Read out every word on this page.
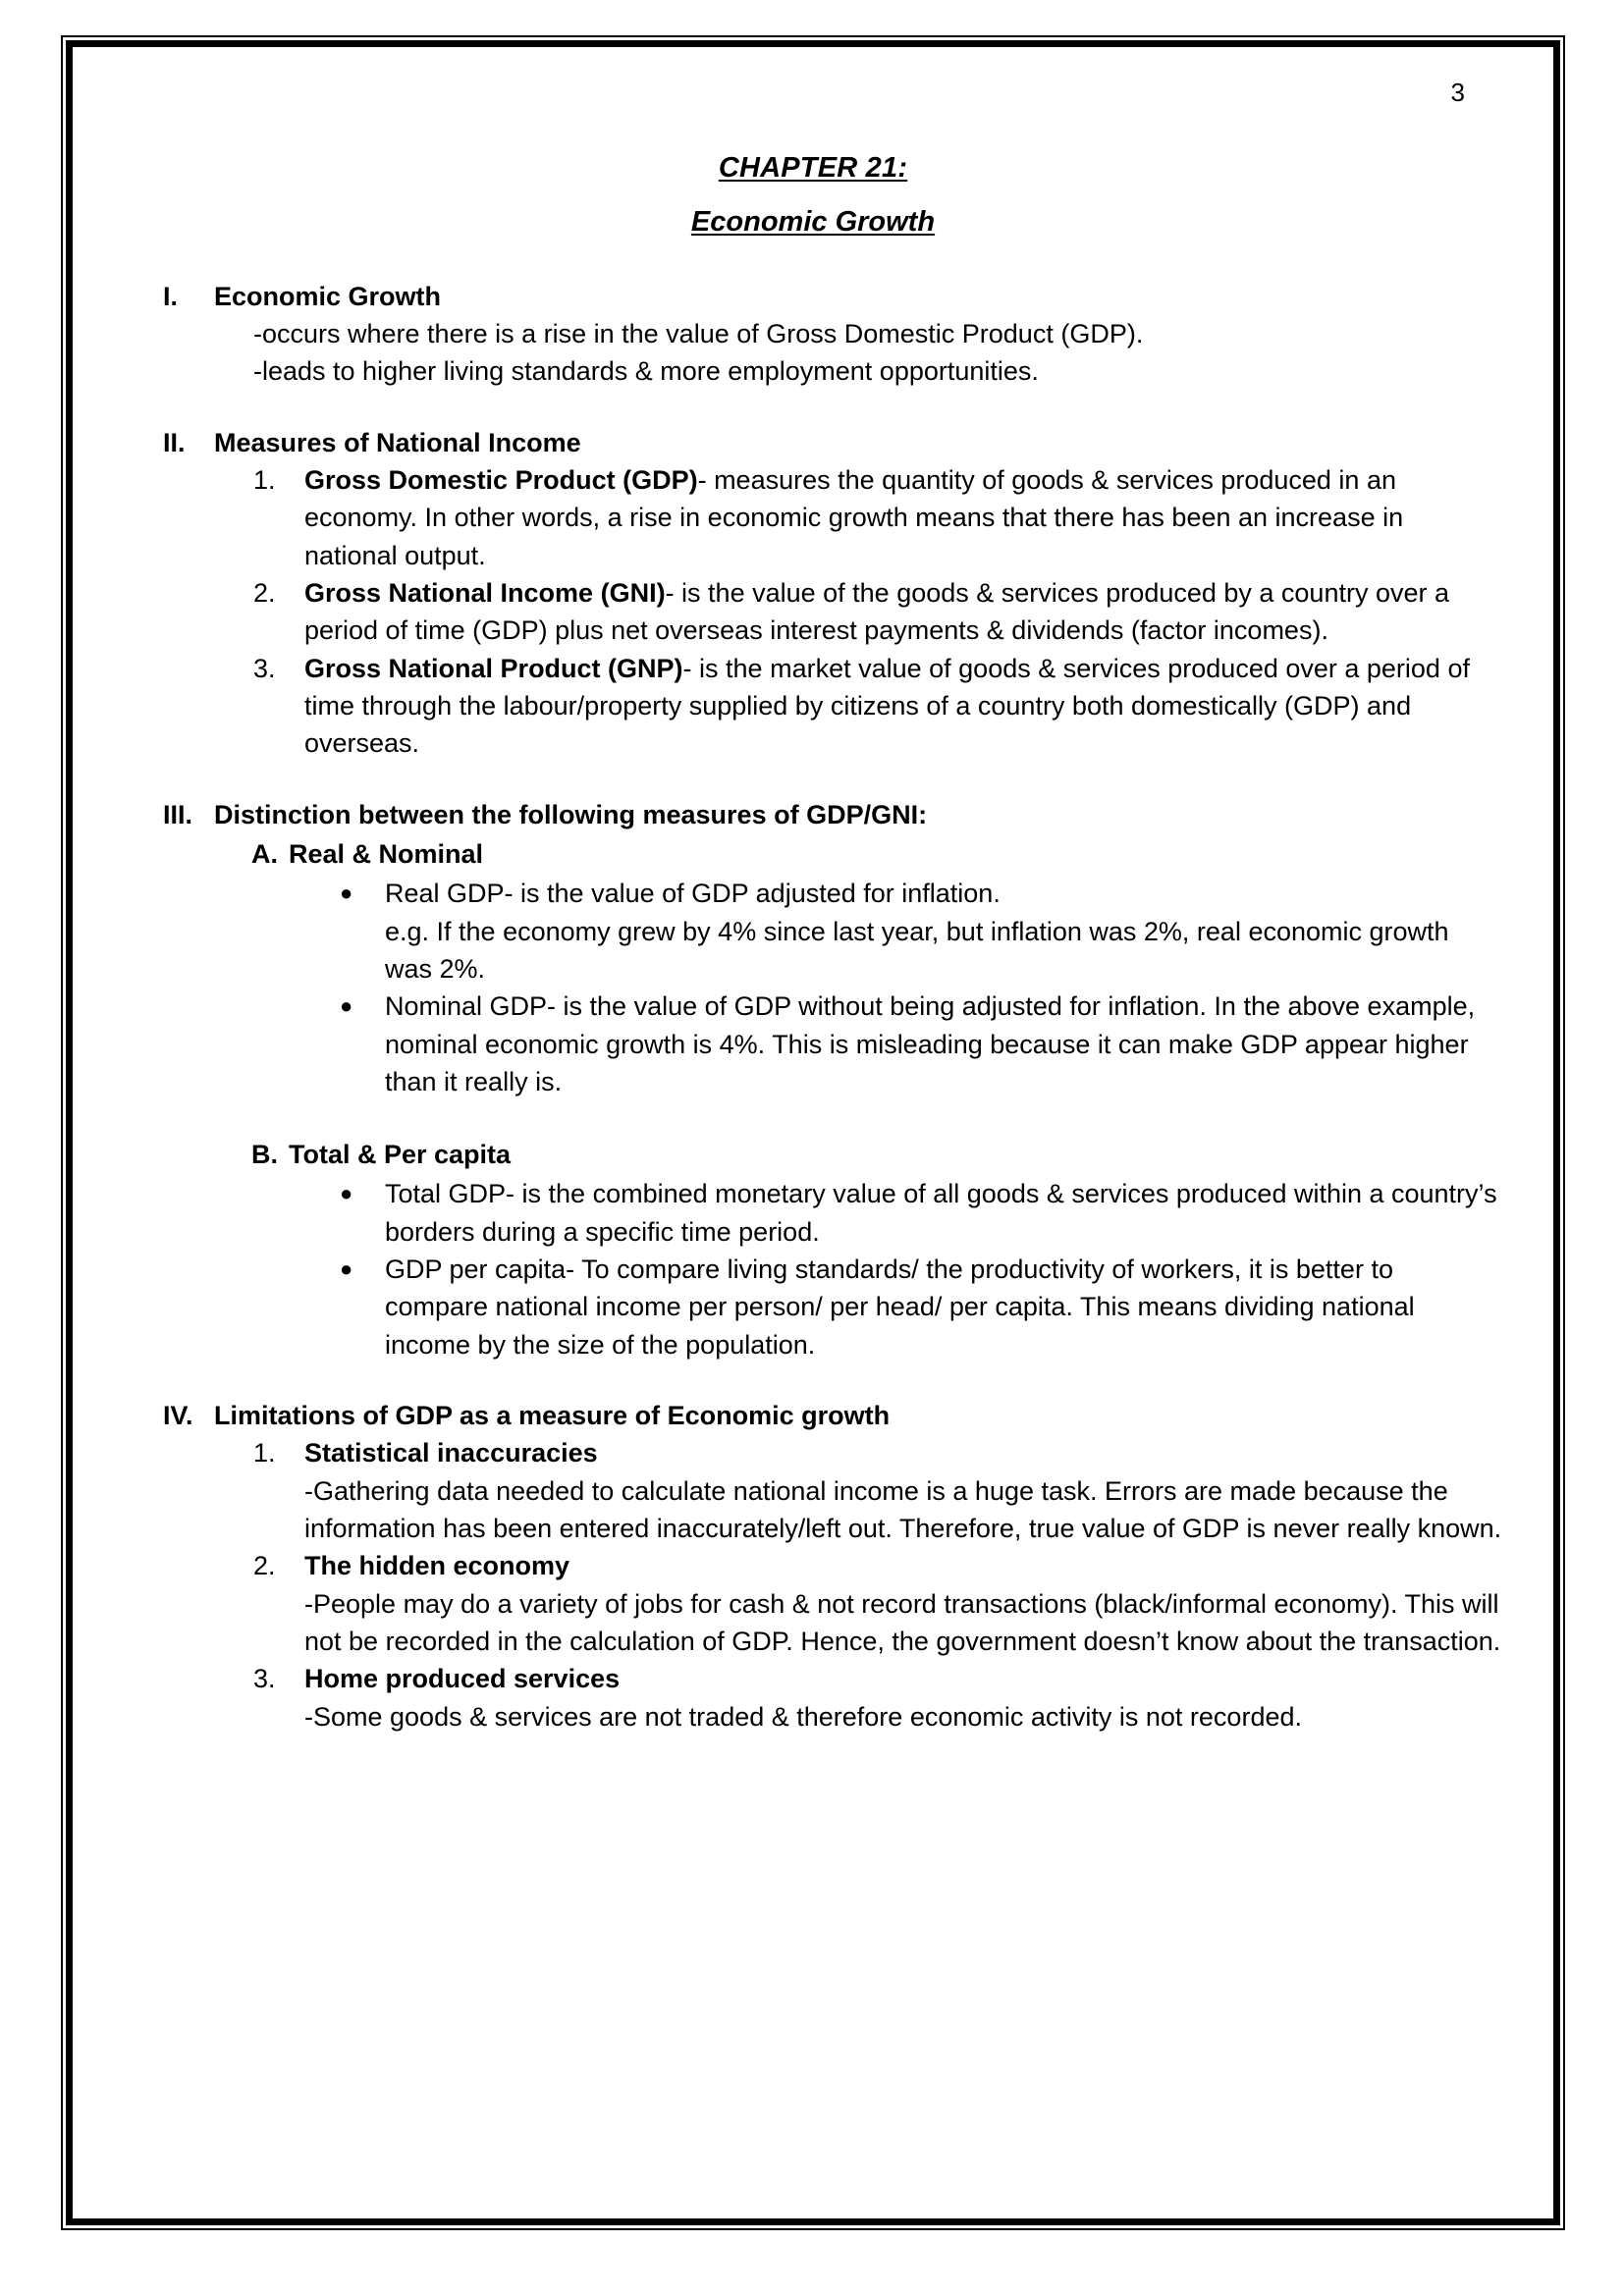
3
CHAPTER 21:
Economic Growth
I.	Economic Growth
-occurs where there is a rise in the value of Gross Domestic Product (GDP).
-leads to higher living standards & more employment opportunities.
II.	Measures of National Income
1.	Gross Domestic Product (GDP)- measures the quantity of goods & services produced in an economy. In other words, a rise in economic growth means that there has been an increase in national output.
2.	Gross National Income (GNI)- is the value of the goods & services produced by a country over a period of time (GDP) plus net overseas interest payments & dividends (factor incomes).
3.	Gross National Product (GNP)- is the market value of goods & services produced over a period of time through the labour/property supplied by citizens of a country both domestically (GDP) and overseas.
III. Distinction between the following measures of GDP/GNI:
A. Real & Nominal
●	Real GDP- is the value of GDP adjusted for inflation.
e.g. If the economy grew by 4% since last year, but inflation was 2%, real economic growth was 2%.
●	Nominal GDP- is the value of GDP without being adjusted for inflation. In the above example, nominal economic growth is 4%. This is misleading because it can make GDP appear higher than it really is.
B. Total & Per capita
●	Total GDP- is the combined monetary value of all goods & services produced within a country’s borders during a specific time period.
●	GDP per capita- To compare living standards/ the productivity of workers, it is better to compare national income per person/ per head/ per capita. This means dividing national income by the size of the population.
IV. Limitations of GDP as a measure of Economic growth
1.	Statistical inaccuracies
-Gathering data needed to calculate national income is a huge task. Errors are made because the information has been entered inaccurately/left out. Therefore, true value of GDP is never really known.
2.	The hidden economy
-People may do a variety of jobs for cash & not record transactions (black/informal economy). This will not be recorded in the calculation of GDP. Hence, the government doesn’t know about the transaction.
3.	Home produced services
-Some goods & services are not traded & therefore economic activity is not recorded.
